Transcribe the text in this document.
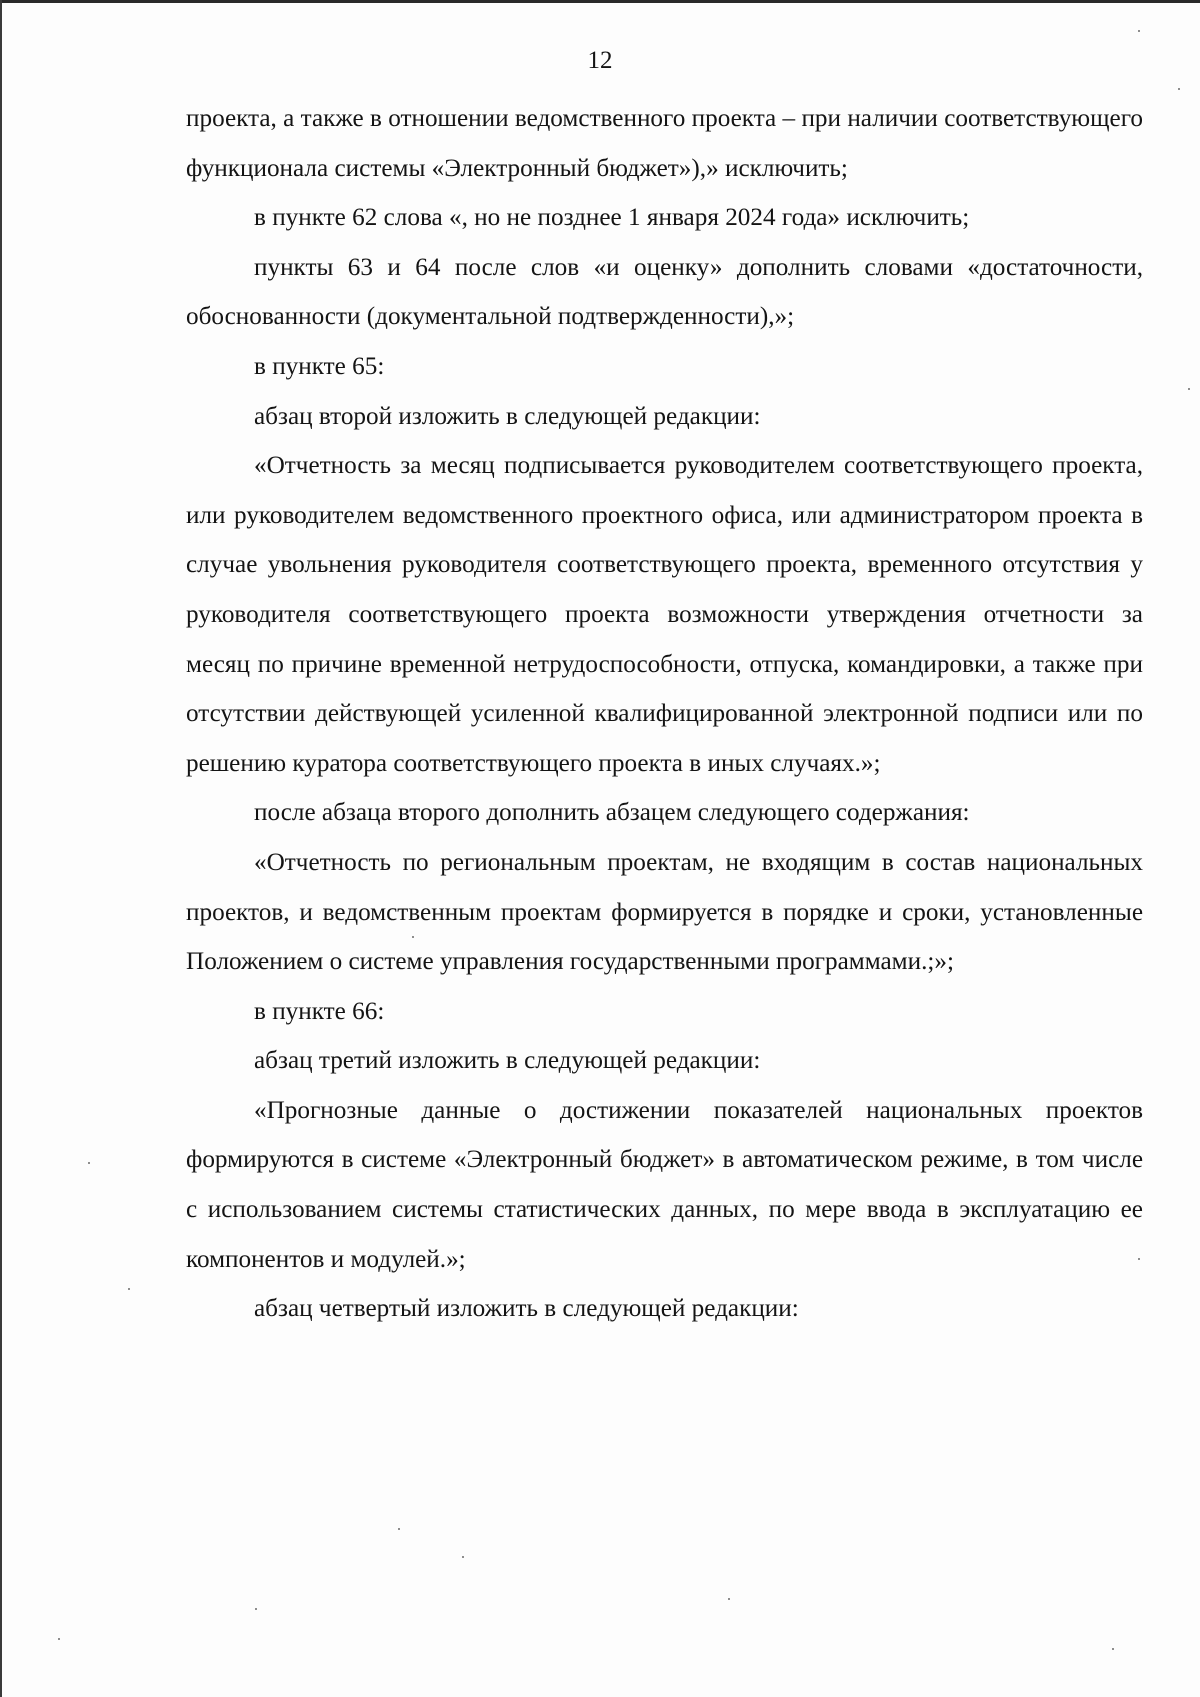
12

проекта, а также в отношении ведомственного проекта – при наличии соответствующего функционала системы «Электронный бюджет»),» исключить;

в пункте 62 слова «, но не позднее 1 января 2024 года» исключить;

пункты 63 и 64 после слов «и оценку» дополнить словами «достаточности, обоснованности (документальной подтвержденности),»;

в пункте 65:

абзац второй изложить в следующей редакции:

«Отчетность за месяц подписывается руководителем соответствующего проекта, или руководителем ведомственного проектного офиса, или администратором проекта в случае увольнения руководителя соответствующего проекта, временного отсутствия у руководителя соответствующего проекта возможности утверждения отчетности за месяц по причине временной нетрудоспособности, отпуска, командировки, а также при отсутствии действующей усиленной квалифицированной электронной подписи или по решению куратора соответствующего проекта в иных случаях.»;

после абзаца второго дополнить абзацем следующего содержания:

«Отчетность по региональным проектам, не входящим в состав национальных проектов, и ведомственным проектам формируется в порядке и сроки, установленные Положением о системе управления государственными программами.;»;

в пункте 66:

абзац третий изложить в следующей редакции:

«Прогнозные данные о достижении показателей национальных проектов формируются в системе «Электронный бюджет» в автоматическом режиме, в том числе с использованием системы статистических данных, по мере ввода в эксплуатацию ее компонентов и модулей.»;

абзац четвертый изложить в следующей редакции:
